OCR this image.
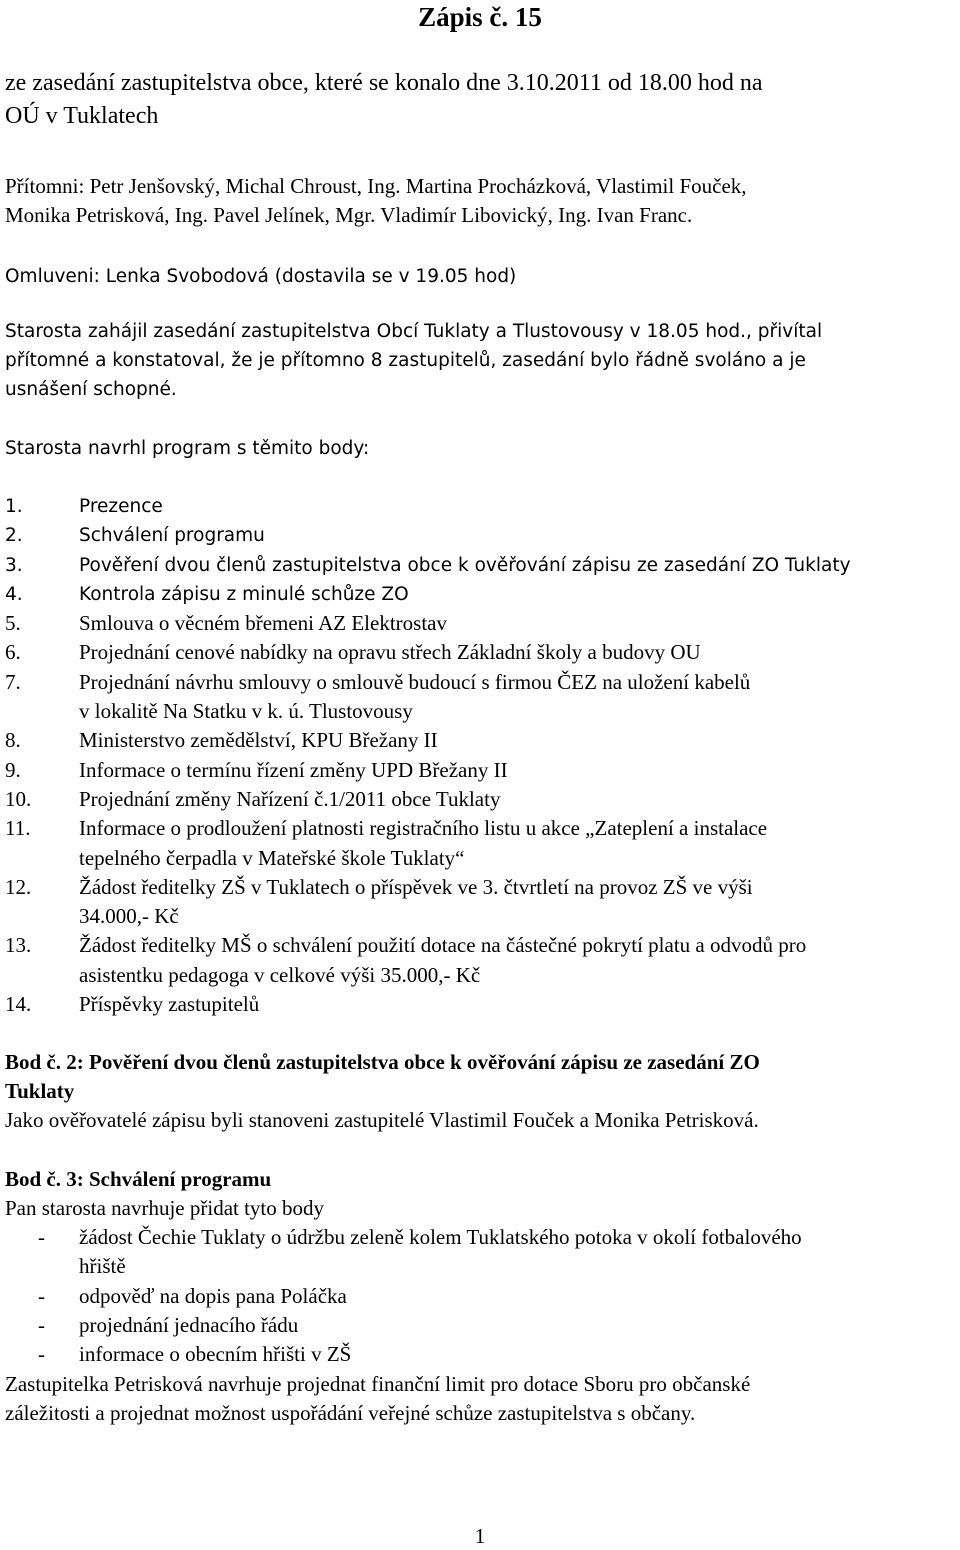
Zápis č. 15

ze zasedání zastupitelstva obce, které se konalo dne 3.10.2011 od 18.00 hod na
OÚ v Tuklatech

Přítomni: Petr Jenšovský, Michal Chroust, Ing. Martina Procházková, Vlastimil Fouček,
Monika Petrisková, Ing. Pavel Jelínek, Mgr. Vladimír Libovický, Ing. Ivan Franc.

Omluveni: Lenka Svobodová (dostavila se v 19.05 hod)

Starosta zahájil zasedání zastupitelstva Obcí Tuklaty a Tlustovousy v 18.05 hod., přivítal
přítomné a konstatoval, že je přítomno 8 zastupitelů, zasedání bylo řádně svoláno a je
usnášení schopné.

Starosta navrhl program s těmito body:

1.	Prezence
2.	Schválení programu
3.	Pověření dvou členů zastupitelstva obce k ověřování zápisu ze zasedání ZO Tuklaty
4.	Kontrola zápisu z minulé schůze ZO
5.	Smlouva o věcném břemeni AZ Elektrostav
6.	Projednání cenové nabídky na opravu střech Základní školy a budovy OU
7.	Projednání návrhu smlouvy o smlouvě budoucí s firmou ČEZ na uložení kabelů
v lokalitě Na Statku v k. ú. Tlustovousy
8.	Ministerstvo zemědělství, KPU Břežany II
9.	Informace o termínu řízení změny UPD Břežany II
10.	Projednání změny Nařízení č.1/2011 obce Tuklaty
11.	Informace o prodloužení platnosti registračního listu u akce „Zateplení a instalace
tepelného čerpadla v Mateřské škole Tuklaty“
12.	Žádost ředitelky ZŠ v Tuklatech o příspěvek ve 3. čtvrtletí na provoz ZŠ ve výši
34.000,- Kč
13.	Žádost ředitelky MŠ o schválení použití dotace na částečné pokrytí platu a odvodů pro
asistentku pedagoga v celkové výši 35.000,- Kč
14.	Příspěvky zastupitelů

Bod č. 2: Pověření dvou členů zastupitelstva obce k ověřování zápisu ze zasedání ZO
Tuklaty
Jako ověřovatelé zápisu byli stanoveni zastupitelé Vlastimil Fouček a Monika Petrisková.

Bod č. 3: Schválení programu
Pan starosta navrhuje přidat tyto body

- žádost Čechie Tuklaty o údržbu zeleně kolem Tuklatského potoka v okolí fotbalového
hřiště
- odpověď na dopis pana Poláčka
- projednání jednacího řádu
- informace o obecním hřišti v ZŠ

Zastupitelka Petrisková navrhuje projednat finanční limit pro dotace Sboru pro občanské
záležitosti a projednat možnost uspořádání veřejné schůze zastupitelstva s občany.

1
